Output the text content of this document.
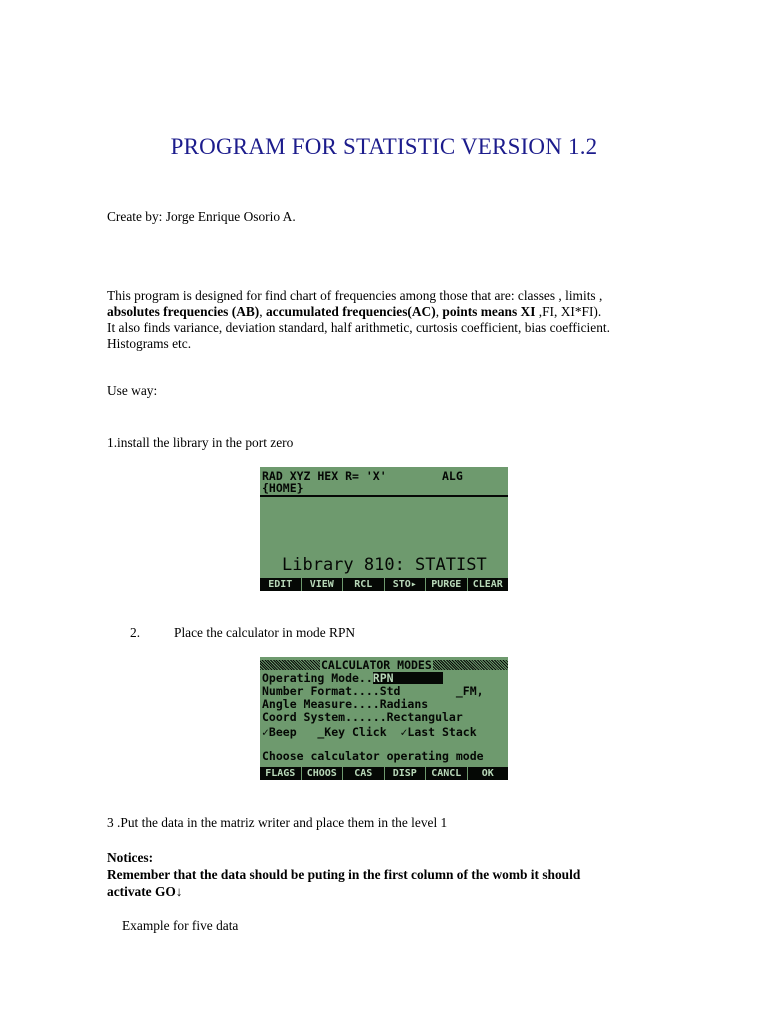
PROGRAM FOR STATISTIC VERSION 1.2
Create by: Jorge Enrique Osorio A.
This program is designed for find chart of frequencies among those that are: classes , limits ,
absolutes frequencies (AB), accumulated frequencies(AC), points means XI ,FI, XI*FI).
It also finds variance, deviation standard, half arithmetic, curtosis coefficient, bias coefficient.
Histograms etc.
Use way:
1.install the library in the port zero
RAD XYZ HEX R= 'X'        ALG
{HOME}
Library 810: STATIST
EDIT	VIEW	RCL	STO▸	PURGE	CLEAR
2.	Place the calculator in mode RPN
CALCULATOR MODES
Operating Mode..RPN
Number Format....Std        _FM,
Angle Measure....Radians
Coord System......Rectangular
✓Beep   _Key Click  ✓Last Stack
Choose calculator operating mode
FLAGS	CHOOS	CAS	DISP	CANCL	OK
3 .Put the data in the matriz writer and place them in the level 1
Notices:
Remember that the data should be puting in the first column of the womb it should
activate GO↓
Example for five data
